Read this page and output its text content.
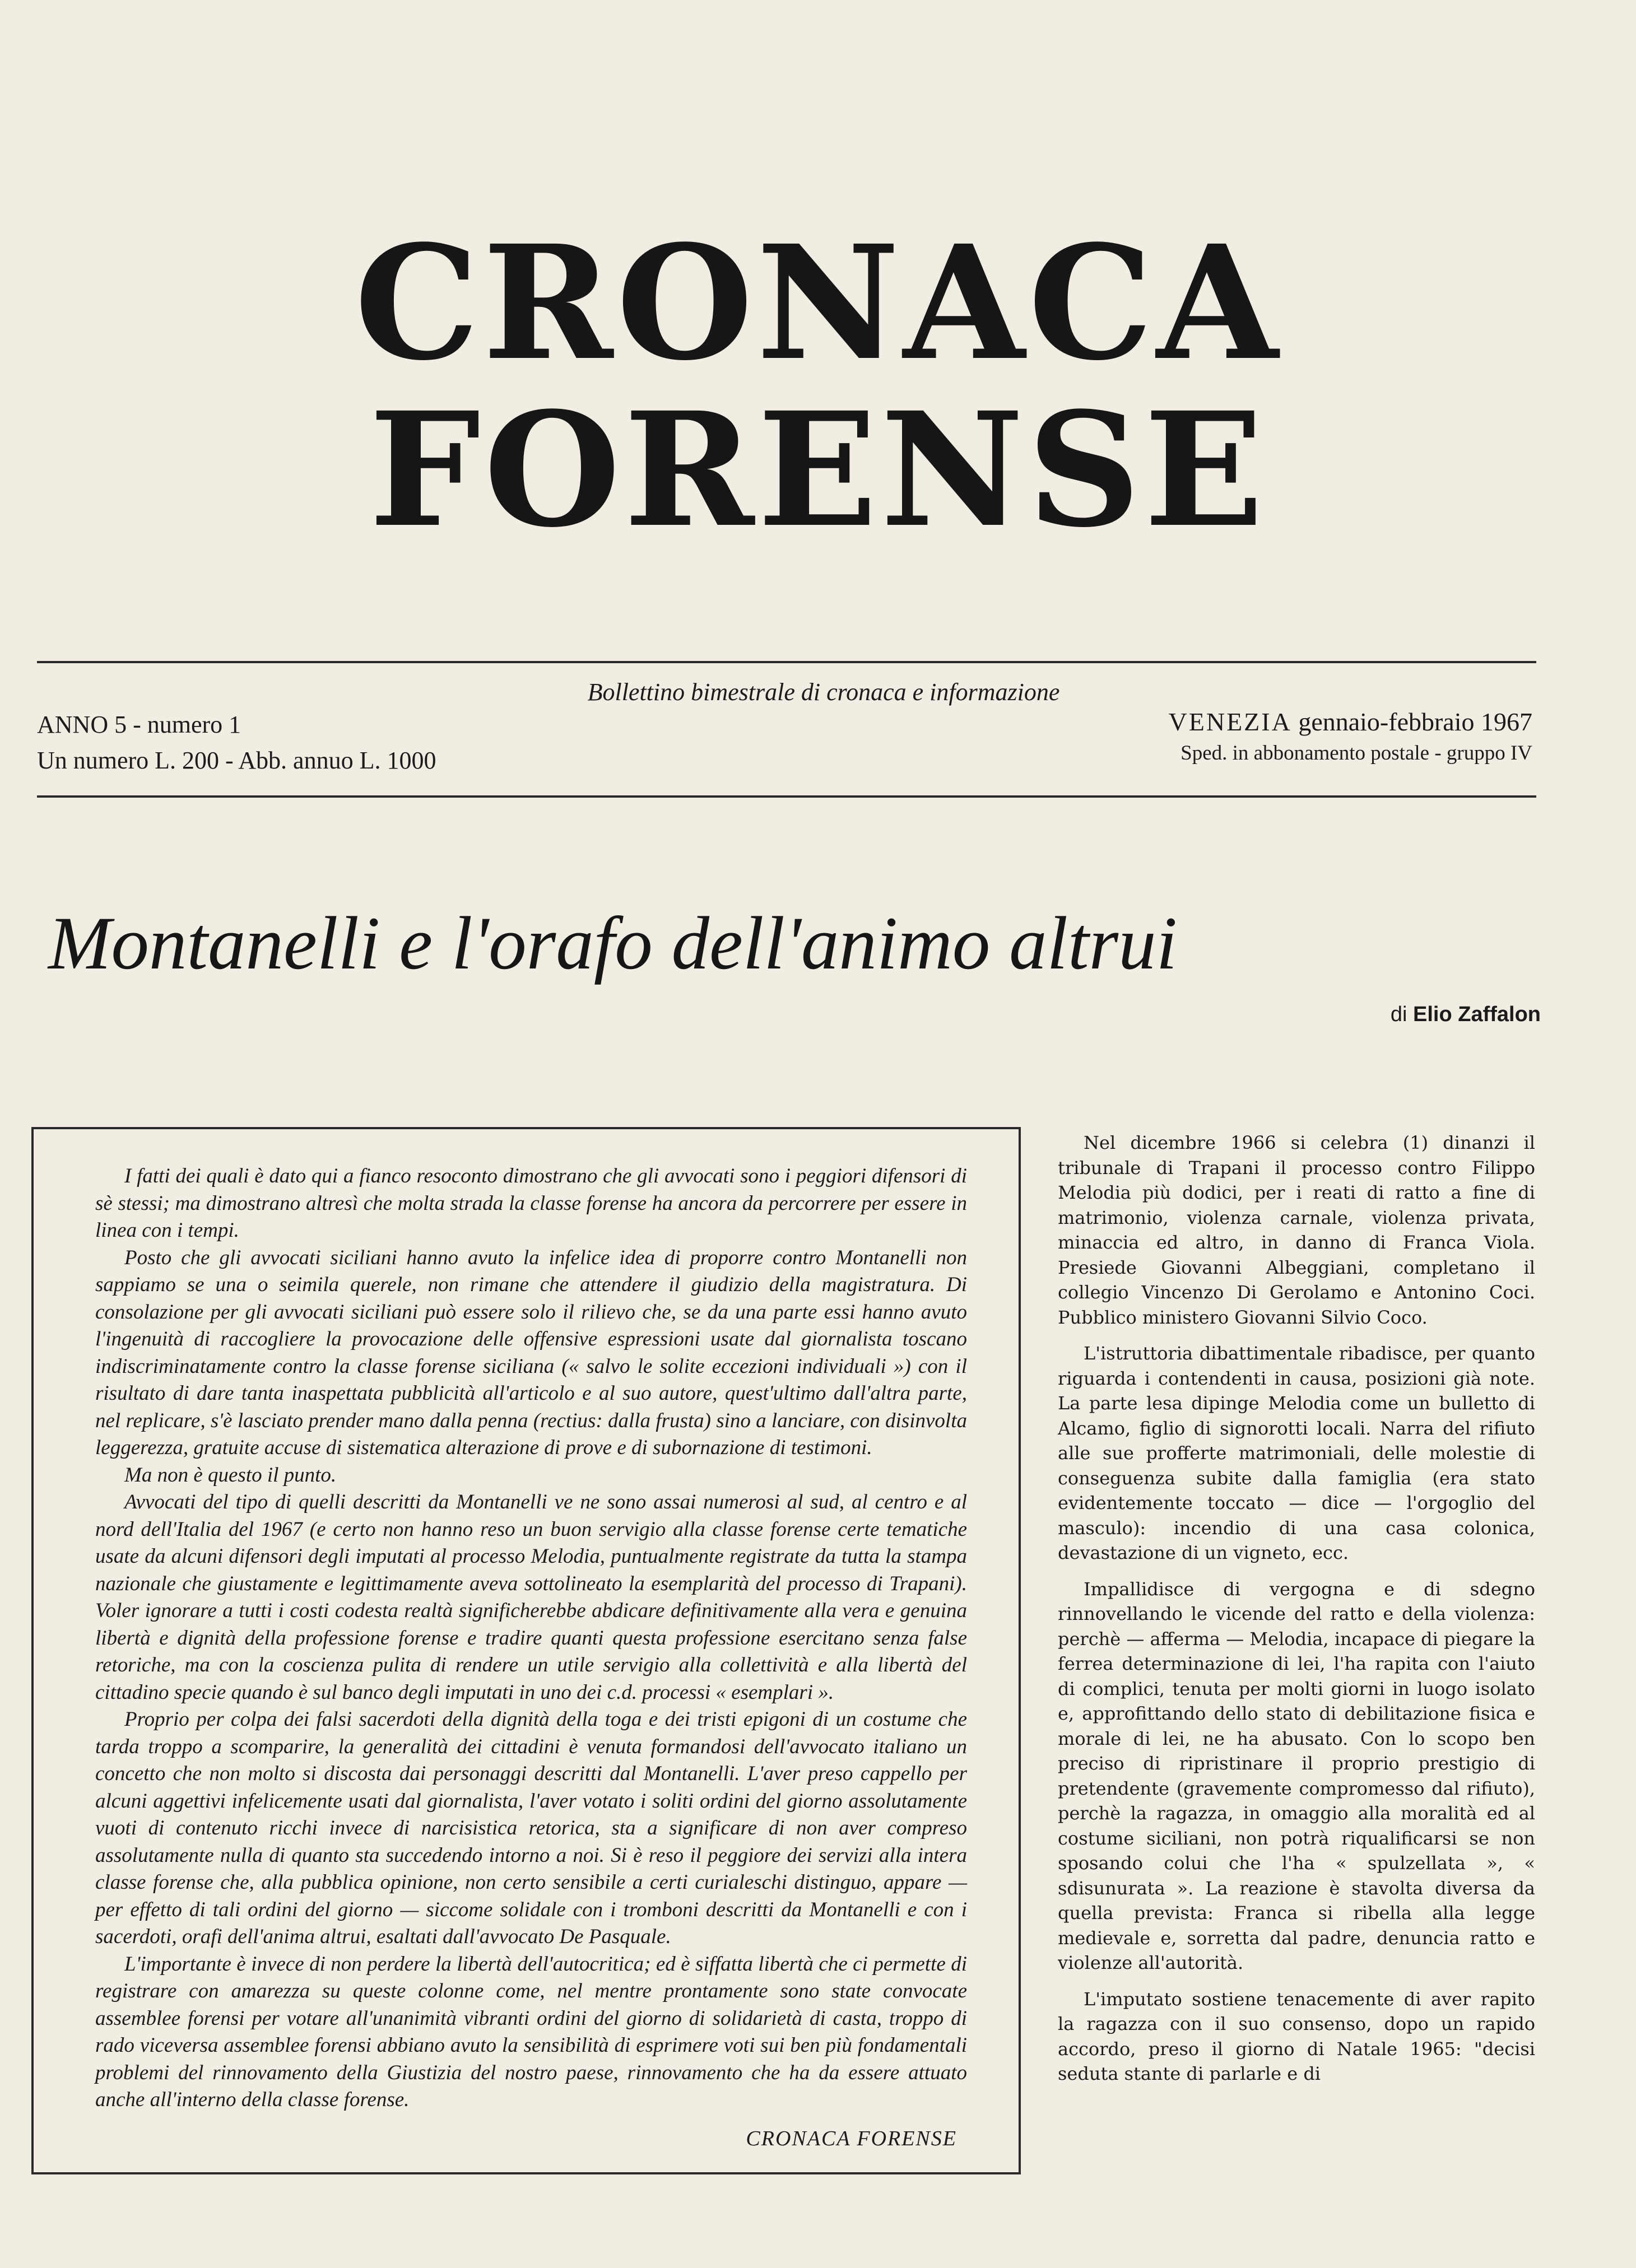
CRONACA
FORENSE
ANNO 5 - numero 1
Un numero L. 200 - Abb. annuo L. 1000
Bollettino bimestrale di cronaca e informazione
VENEZIA gennaio-febbraio 1967
Sped. in abbonamento postale - gruppo IV
Montanelli e l'orafo dell'animo altrui
di Elio Zaffalon

I fatti dei quali è dato qui a fianco resoconto dimostrano che gli avvocati sono i peggiori difensori di sè stessi; ma dimostrano altresì che molta strada la classe forense ha ancora da percorrere per essere in linea con i tempi.

Posto che gli avvocati siciliani hanno avuto la infelice idea di proporre contro Montanelli non sappiamo se una o seimila querele, non rimane che attendere il giudizio della magistratura. Di consolazione per gli avvocati siciliani può essere solo il rilievo che, se da una parte essi hanno avuto l'ingenuità di raccogliere la provocazione delle offensive espressioni usate dal giornalista toscano indiscriminatamente contro la classe forense siciliana (« salvo le solite eccezioni individuali ») con il risultato di dare tanta inaspettata pubblicità all'articolo e al suo autore, quest'ultimo dall'altra parte, nel replicare, s'è lasciato prender mano dalla penna (rectius: dalla frusta) sino a lanciare, con disinvolta leggerezza, gratuite accuse di sistematica alterazione di prove e di subornazione di testimoni.

Ma non è questo il punto.

Avvocati del tipo di quelli descritti da Montanelli ve ne sono assai numerosi al sud, al centro e al nord dell'Italia del 1967 (e certo non hanno reso un buon servigio alla classe forense certe tematiche usate da alcuni difensori degli imputati al processo Melodia, puntualmente registrate da tutta la stampa nazionale che giustamente e legittimamente aveva sottolineato la esemplarità del processo di Trapani). Voler ignorare a tutti i costi codesta realtà significherebbe abdicare definitivamente alla vera e genuina libertà e dignità della professione forense e tradire quanti questa professione esercitano senza false retoriche, ma con la coscienza pulita di rendere un utile servigio alla collettività e alla libertà del cittadino specie quando è sul banco degli imputati in uno dei c.d. processi « esemplari ».

Proprio per colpa dei falsi sacerdoti della dignità della toga e dei tristi epigoni di un costume che tarda troppo a scomparire, la generalità dei cittadini è venuta formandosi dell'avvocato italiano un concetto che non molto si discosta dai personaggi descritti dal Montanelli. L'aver preso cappello per alcuni aggettivi infelicemente usati dal giornalista, l'aver votato i soliti ordini del giorno assolutamente vuoti di contenuto ricchi invece di narcisistica retorica, sta a significare di non aver compreso assolutamente nulla di quanto sta succedendo intorno a noi. Si è reso il peggiore dei servizi alla intera classe forense che, alla pubblica opinione, non certo sensibile a certi curialeschi distinguo, appare — per effetto di tali ordini del giorno — siccome solidale con i tromboni descritti da Montanelli e con i sacerdoti, orafi dell'anima altrui, esaltati dall'avvocato De Pasquale.

L'importante è invece di non perdere la libertà dell'autocritica; ed è siffatta libertà che ci permette di registrare con amarezza su queste colonne come, nel mentre prontamente sono state convocate assemblee forensi per votare all'unanimità vibranti ordini del giorno di solidarietà di casta, troppo di rado viceversa assemblee forensi abbiano avuto la sensibilità di esprimere voti sui ben più fondamentali problemi del rinnovamento della Giustizia del nostro paese, rinnovamento che ha da essere attuato anche all'interno della classe forense.

CRONACA FORENSE

Nel dicembre 1966 si celebra (1) dinanzi il tribunale di Trapani il processo contro Filippo Melodia più dodici, per i reati di ratto a fine di matrimonio, violenza carnale, violenza privata, minaccia ed altro, in danno di Franca Viola. Presiede Giovanni Albeggiani, completano il collegio Vincenzo Di Gerolamo e Antonino Coci. Pubblico ministero Giovanni Silvio Coco.

L'istruttoria dibattimentale ribadisce, per quanto riguarda i contendenti in causa, posizioni già note. La parte lesa dipinge Melodia come un bulletto di Alcamo, figlio di signorotti locali. Narra del rifiuto alle sue profferte matrimoniali, delle molestie di conseguenza subite dalla famiglia (era stato evidentemente toccato — dice — l'orgoglio del masculo): incendio di una casa colonica, devastazione di un vigneto, ecc.

Impallidisce di vergogna e di sdegno rinnovellando le vicende del ratto e della violenza: perchè — afferma — Melodia, incapace di piegare la ferrea determinazione di lei, l'ha rapita con l'aiuto di complici, tenuta per molti giorni in luogo isolato e, approfittando dello stato di debilitazione fisica e morale di lei, ne ha abusato. Con lo scopo ben preciso di ripristinare il proprio prestigio di pretendente (gravemente compromesso dal rifiuto), perchè la ragazza, in omaggio alla moralità ed al costume siciliani, non potrà riqualificarsi se non sposando colui che l'ha « spulzellata », « sdisunurata ». La reazione è stavolta diversa da quella prevista: Franca si ribella alla legge medievale e, sorretta dal padre, denuncia ratto e violenze all'autorità.

L'imputato sostiene tenacemente di aver rapito la ragazza con il suo consenso, dopo un rapido accordo, preso il giorno di Natale 1965: "decisi seduta stante di parlarle e di
